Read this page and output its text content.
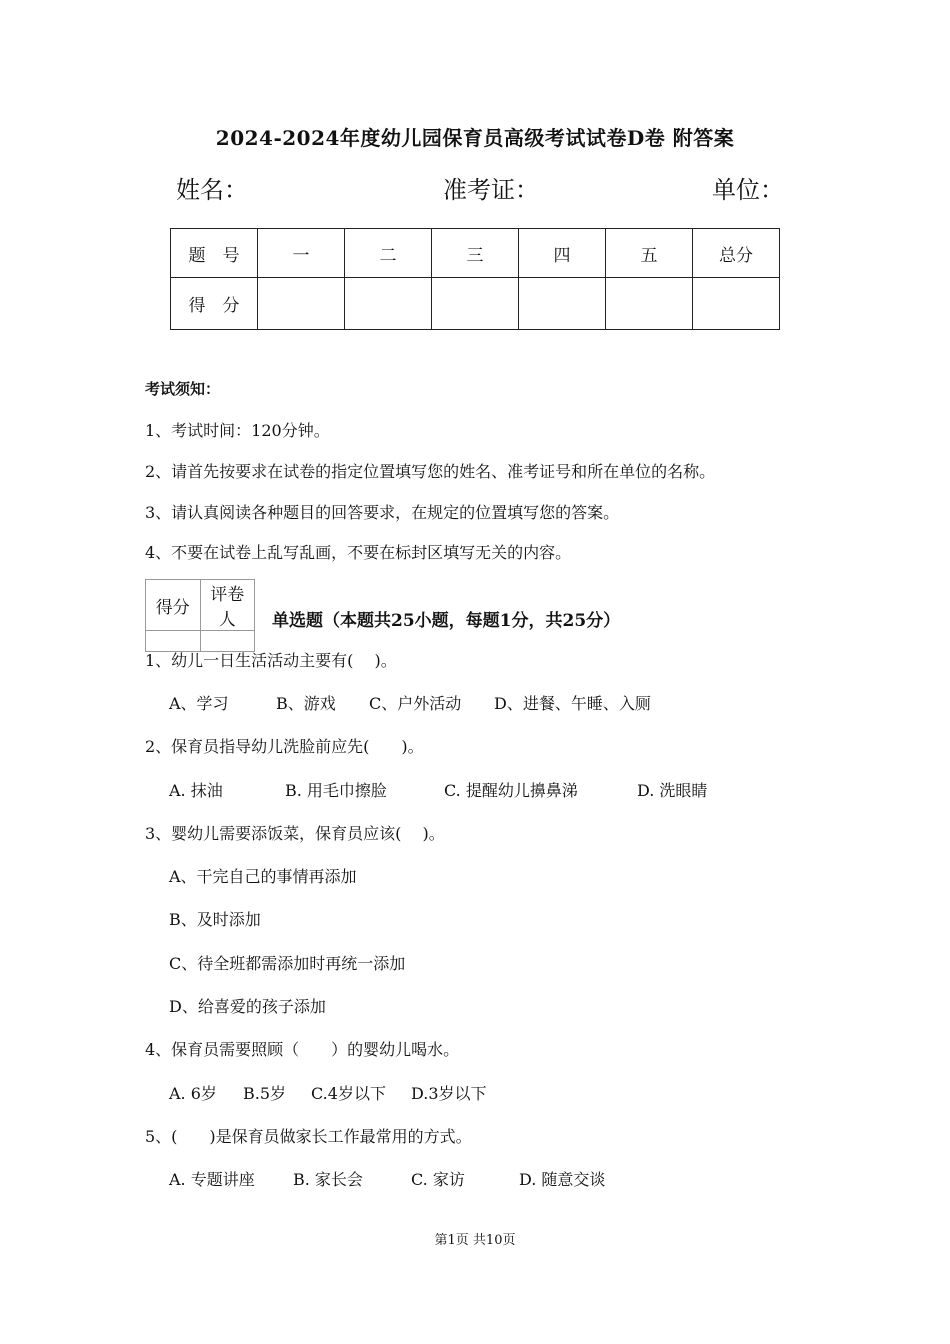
2024-2024年度幼儿园保育员高级考试试卷D卷 附答案
姓名：	准考证：	单位：
题　号	一	二	三	四	五	总分
得　分						
考试须知：
1、考试时间：120分钟。
2、请首先按要求在试卷的指定位置填写您的姓名、准考证号和所在单位的名称。
3、请认真阅读各种题目的回答要求，在规定的位置填写您的答案。
4、不要在试卷上乱写乱画，不要在标封区填写无关的内容。
得分	评卷人
	单选题（本题共25小题，每题1分，共25分）
1、幼儿一日生活活动主要有(　 )。
A、学习	B、游戏 C、户外活动 D、进餐、午睡、入厕
2、保育员指导幼儿洗脸前应先(　　)。
A. 抹油	B. 用毛巾擦脸	C. 提醒幼儿擤鼻涕	D. 洗眼睛
3、婴幼儿需要添饭菜，保育员应该(　 )。
A、干完自己的事情再添加
B、及时添加
C、待全班都需添加时再统一添加
D、给喜爱的孩子添加
4、保育员需要照顾（　　）的婴幼儿喝水。
A. 6岁 B.5岁 C.4岁以下 D.3岁以下
5、(　　)是保育员做家长工作最常用的方式。
A. 专题讲座 B. 家长会	C. 家访	D. 随意交谈
第1页 共10页
